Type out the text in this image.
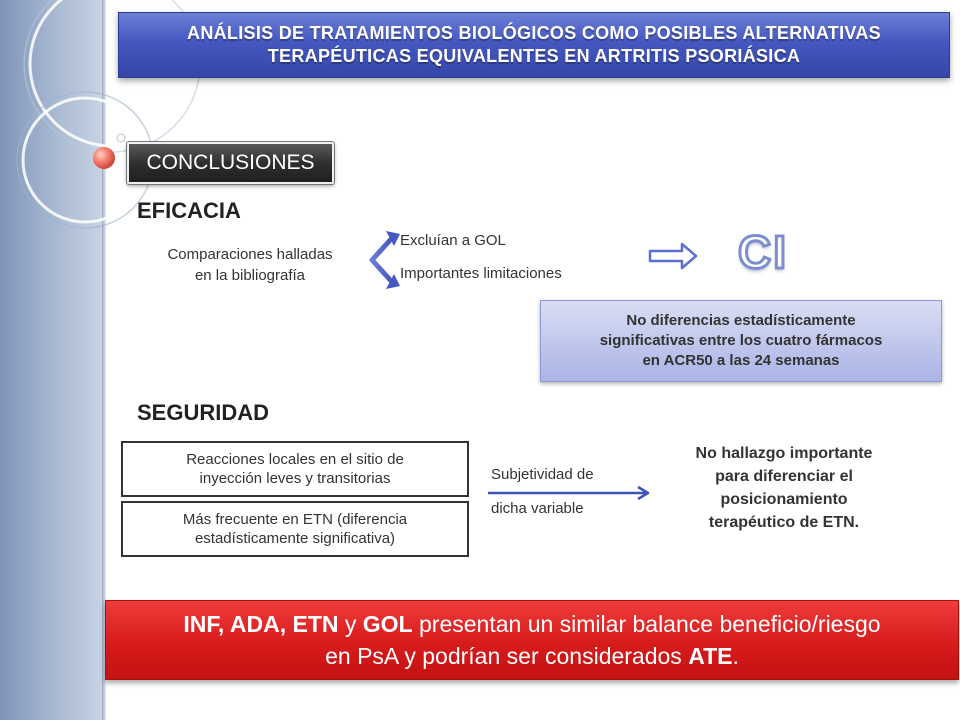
ANÁLISIS DE TRATAMIENTOS BIOLÓGICOS COMO POSIBLES ALTERNATIVAS
TERAPÉUTICAS EQUIVALENTES EN ARTRITIS PSORIÁSICA
CONCLUSIONES
EFICACIA
Comparaciones halladas
en la bibliografía
Excluían a GOL
Importantes limitaciones	CI
No diferencias estadísticamente
significativas entre los cuatro fármacos
en ACR50 a las 24 semanas
SEGURIDAD
Reacciones locales en el sitio de
inyección leves y transitorias
Más frecuente en ETN (diferencia
estadísticamente significativa)
Subjetividad de
dicha variable
No hallazgo importante
para diferenciar el
posicionamiento
terapéutico de ETN.
INF, ADA, ETN y GOL presentan un similar balance beneficio/riesgo
en PsA y podrían ser considerados ATE.
